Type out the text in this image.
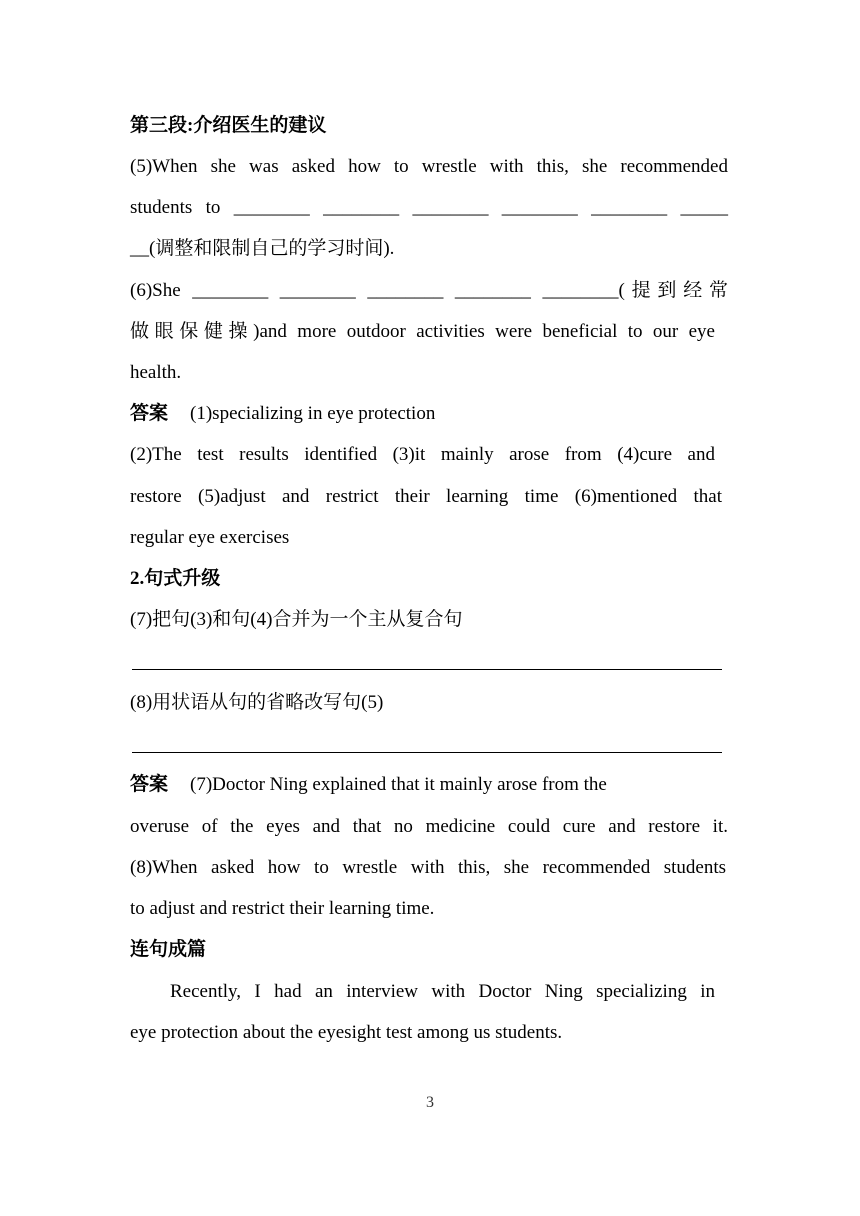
第三段:介绍医生的建议
(5)When she was asked how to wrestle with this, she recommended
students to ________ ________ ________ ________ ________ _____
__(调整和限制自己的学习时间).
(6)She ________ ________ ________ ________ ________(提到经常
做眼保健操)and more outdoor activities were beneficial to our eye
health.
答案 (1)specializing in eye protection
(2)The test results identified (3)it mainly arose from (4)cure and
restore (5)adjust and restrict their learning time (6)mentioned that
regular eye exercises
2.句式升级
(7)把句(3)和句(4)合并为一个主从复合句
(8)用状语从句的省略改写句(5)
答案 (7)Doctor Ning explained that it mainly arose from the
overuse of the eyes and that no medicine could cure and restore it.
(8)When asked how to wrestle with this, she recommended students
to adjust and restrict their learning time.
连句成篇
Recently, I had an interview with Doctor Ning specializing in
eye protection about the eyesight test among us students.
3
